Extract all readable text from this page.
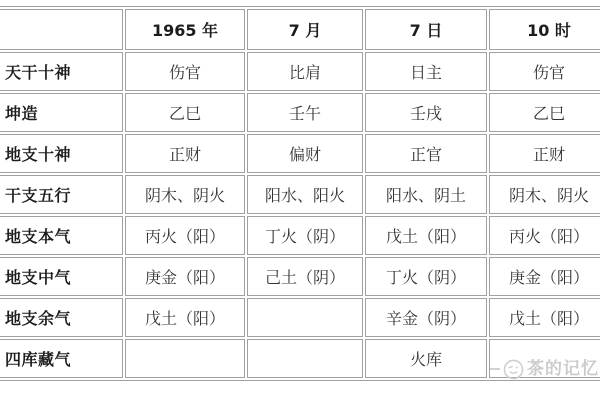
	1965 年	7 月	7 日	10 时
天干十神	伤官	比肩	日主	伤官
坤造	乙巳	壬午	壬戌	乙巳
地支十神	正财	偏财	正官	正财
干支五行	阴木、阴火	阳水、阳火	阳水、阴土	阴木、阴火
地支本气	丙火（阳）	丁火（阴）	戊土（阳）	丙火（阳）
地支中气	庚金（阳）	己土（阴）	丁火（阴）	庚金（阳）
地支余气	戊土（阳）		辛金（阴）	戊土（阳）
四库藏气			火库		茶的记忆
